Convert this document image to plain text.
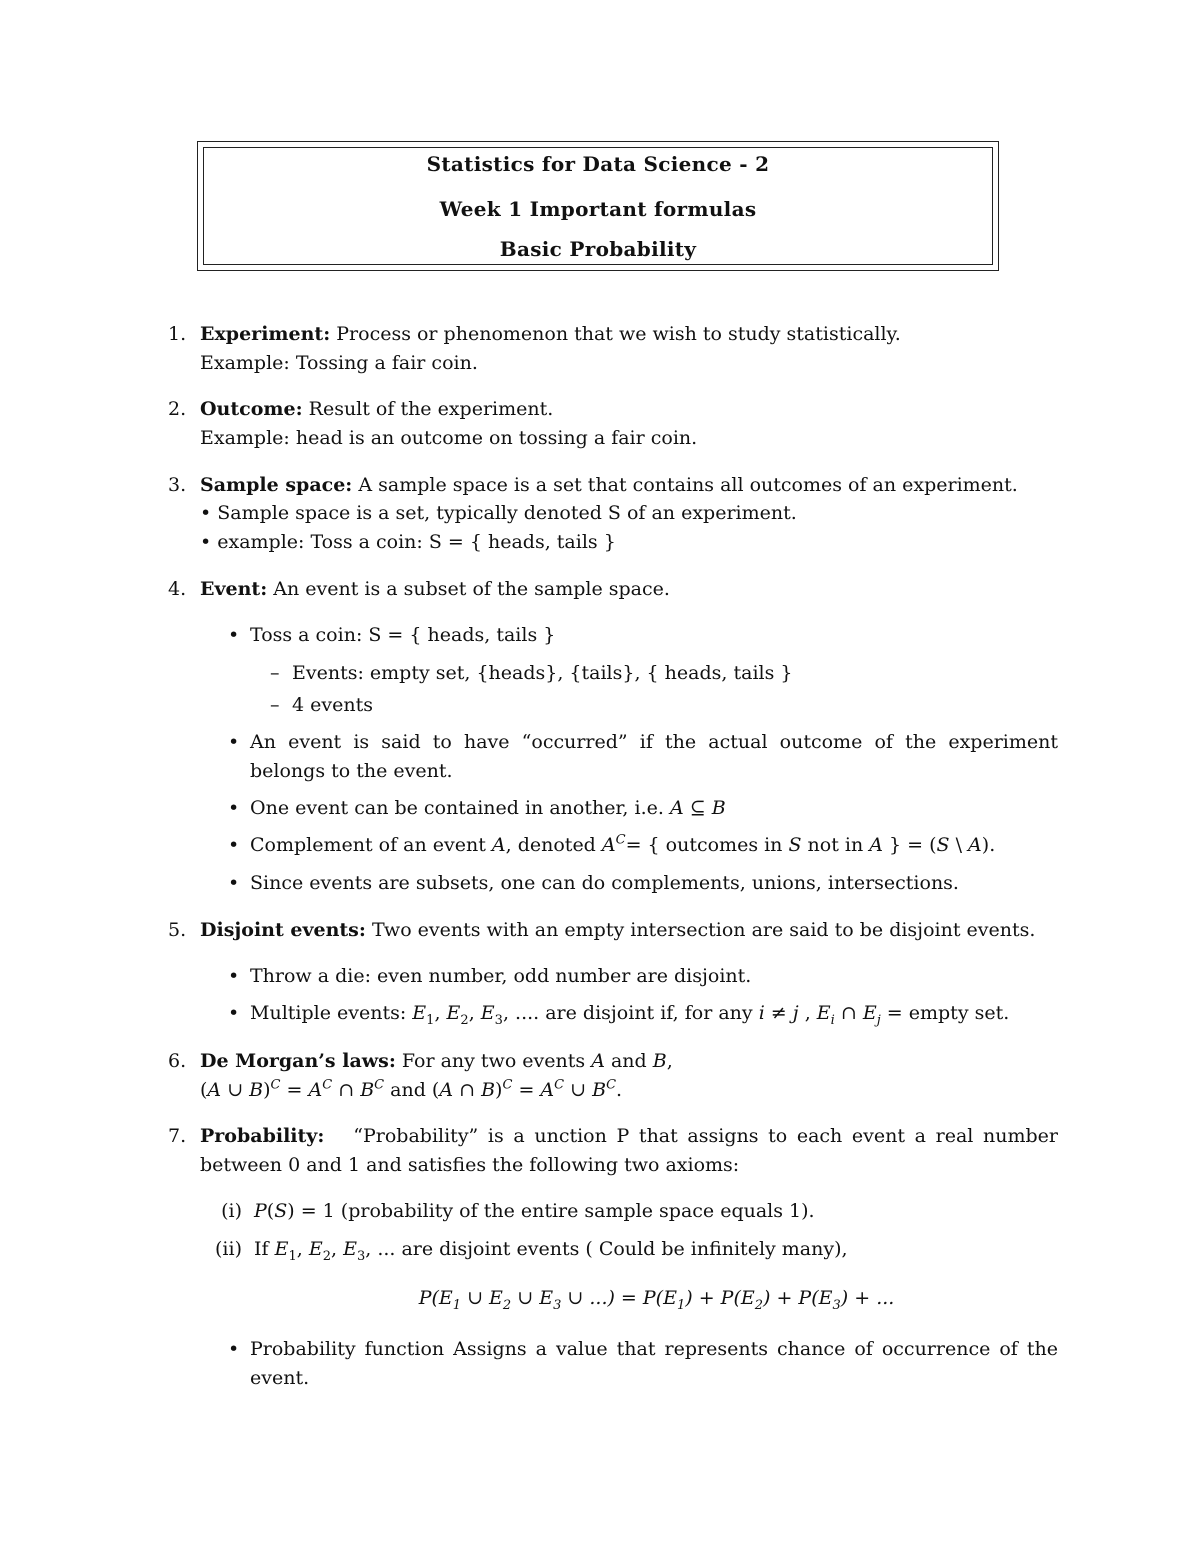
Statistics for Data Science - 2
Week 1 Important formulas
Basic Probability
1. Experiment: Process or phenomenon that we wish to study statistically.
Example: Tossing a fair coin.
2. Outcome: Result of the experiment.
Example: head is an outcome on tossing a fair coin.
3. Sample space: A sample space is a set that contains all outcomes of an experiment.
• Sample space is a set, typically denoted S of an experiment.
• example: Toss a coin: S = { heads, tails }
4. Event: An event is a subset of the sample space.
• Toss a coin: S = { heads, tails }
– Events: empty set, {heads}, {tails}, { heads, tails }
– 4 events
• An event is said to have “occurred” if the actual outcome of the experiment
belongs to the event.
• One event can be contained in another, i.e. A ⊆ B
• Complement of an event A, denoted $A^C=$ { outcomes in S not in A } = (S \ A).
• Since events are subsets, one can do complements, unions, intersections.
5. Disjoint events: Two events with an empty intersection are said to be disjoint events.
• Throw a die: even number, odd number are disjoint.
• Multiple events: $E_1$, $E_2$, $E_3$, .... are disjoint if, for any i ≠ j , $E_i$ ∩ $E_j$ = empty set.
6. De Morgan’s laws: For any two events A and B,
(A ∪ $B)^C = A^C$ ∩ $B^C$ and (A ∩ $B)^C = A^C$ ∪ $B^C$.
7. Probability: “Probability” is a unction P that assigns to each event a real number
between 0 and 1 and satisfies the following two axioms:
(i) P(S) = 1 (probability of the entire sample space equals 1).
(ii) If $E_1$, $E_2$, $E_3$, ... are disjoint events ( Could be infinitely many),
$P(E_1$ ∪ $E_2$ ∪ $E_3$ ∪ ...) = $P(E_1) + P(E_2) + P(E_3)$ + ...
• Probability function Assigns a value that represents chance of occurrence of the
event.
